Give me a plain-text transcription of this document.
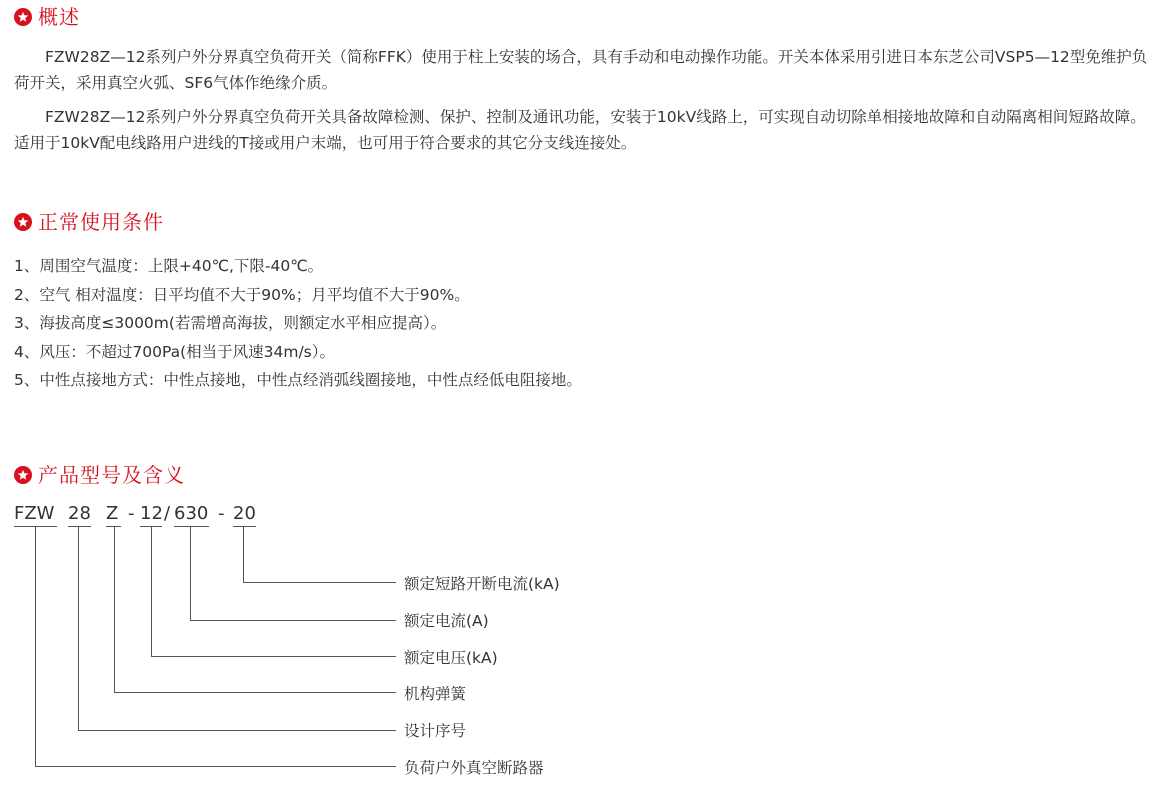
概述

FZW28Z—12系列户外分界真空负荷开关（简称FFK）使用于柱上安装的场合，具有手动和电动操作功能。开关本体采用引进日本东芝公司VSP5—12型免维护负荷开关，采用真空火弧、SF6气体作绝缘介质。

FZW28Z—12系列户外分界真空负荷开关具备故障检测、保护、控制及通讯功能，安装于10kV线路上，可实现自动切除单相接地故障和自动隔离相间短路故障。适用于10kV配电线路用户进线的T接或用户末端，也可用于符合要求的其它分支线连接处。

正常使用条件
1、周围空气温度：上限+40℃,下限-40℃。
2、空气 相对温度：日平均值不大于90%；月平均值不大于90%。
3、海拔高度≤3000m(若需增高海拔，则额定水平相应提高）。
4、风压：不超过700Pa(相当于风速34m/s）。
5、中性点接地方式：中性点接地，中性点经消弧线圈接地，中性点经低电阻接地。
产品型号及含义
FZW 28 Z - 12 / 630 - 20
额定短路开断电流(kA)
额定电流(A)
额定电压(kA)
机构弹簧
设计序号
负荷户外真空断路器
